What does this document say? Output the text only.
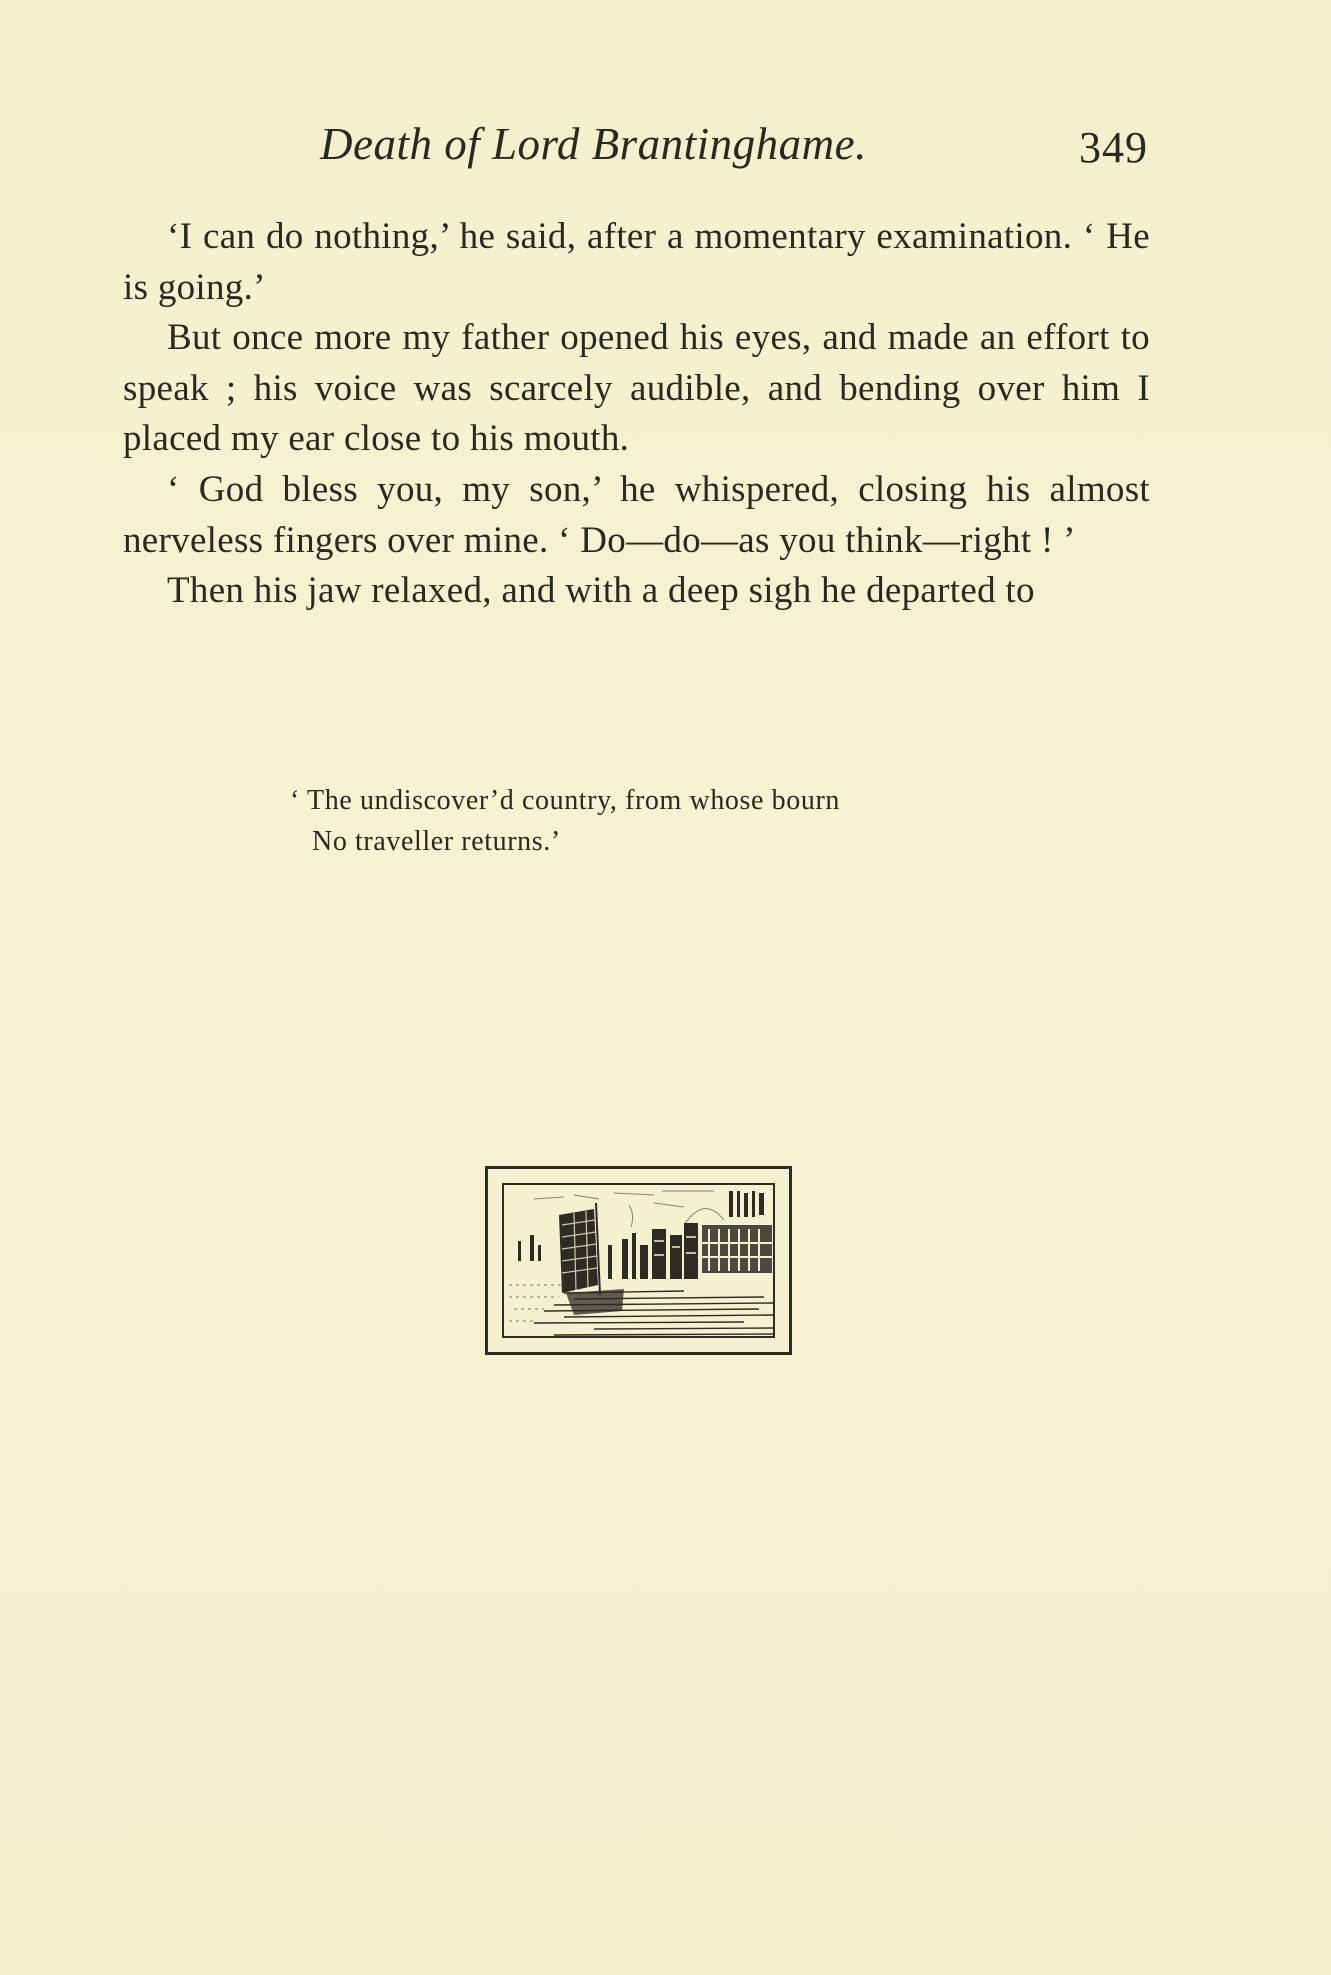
Death of Lord Brantinghame.	349

‘I can do nothing,’ he said, after a momentary examination. ‘ He is going.’

But once more my father opened his eyes, and made an effort to speak ; his voice was scarcely audible, and bending over him I placed my ear close to his mouth.

‘ God bless you, my son,’ he whispered, closing his almost nerveless fingers over mine. ‘ Do—do—as you think—right ! ’

Then his jaw relaxed, and with a deep sigh he departed to

‘ The undiscover’d country, from whose bourn
No traveller returns.’
